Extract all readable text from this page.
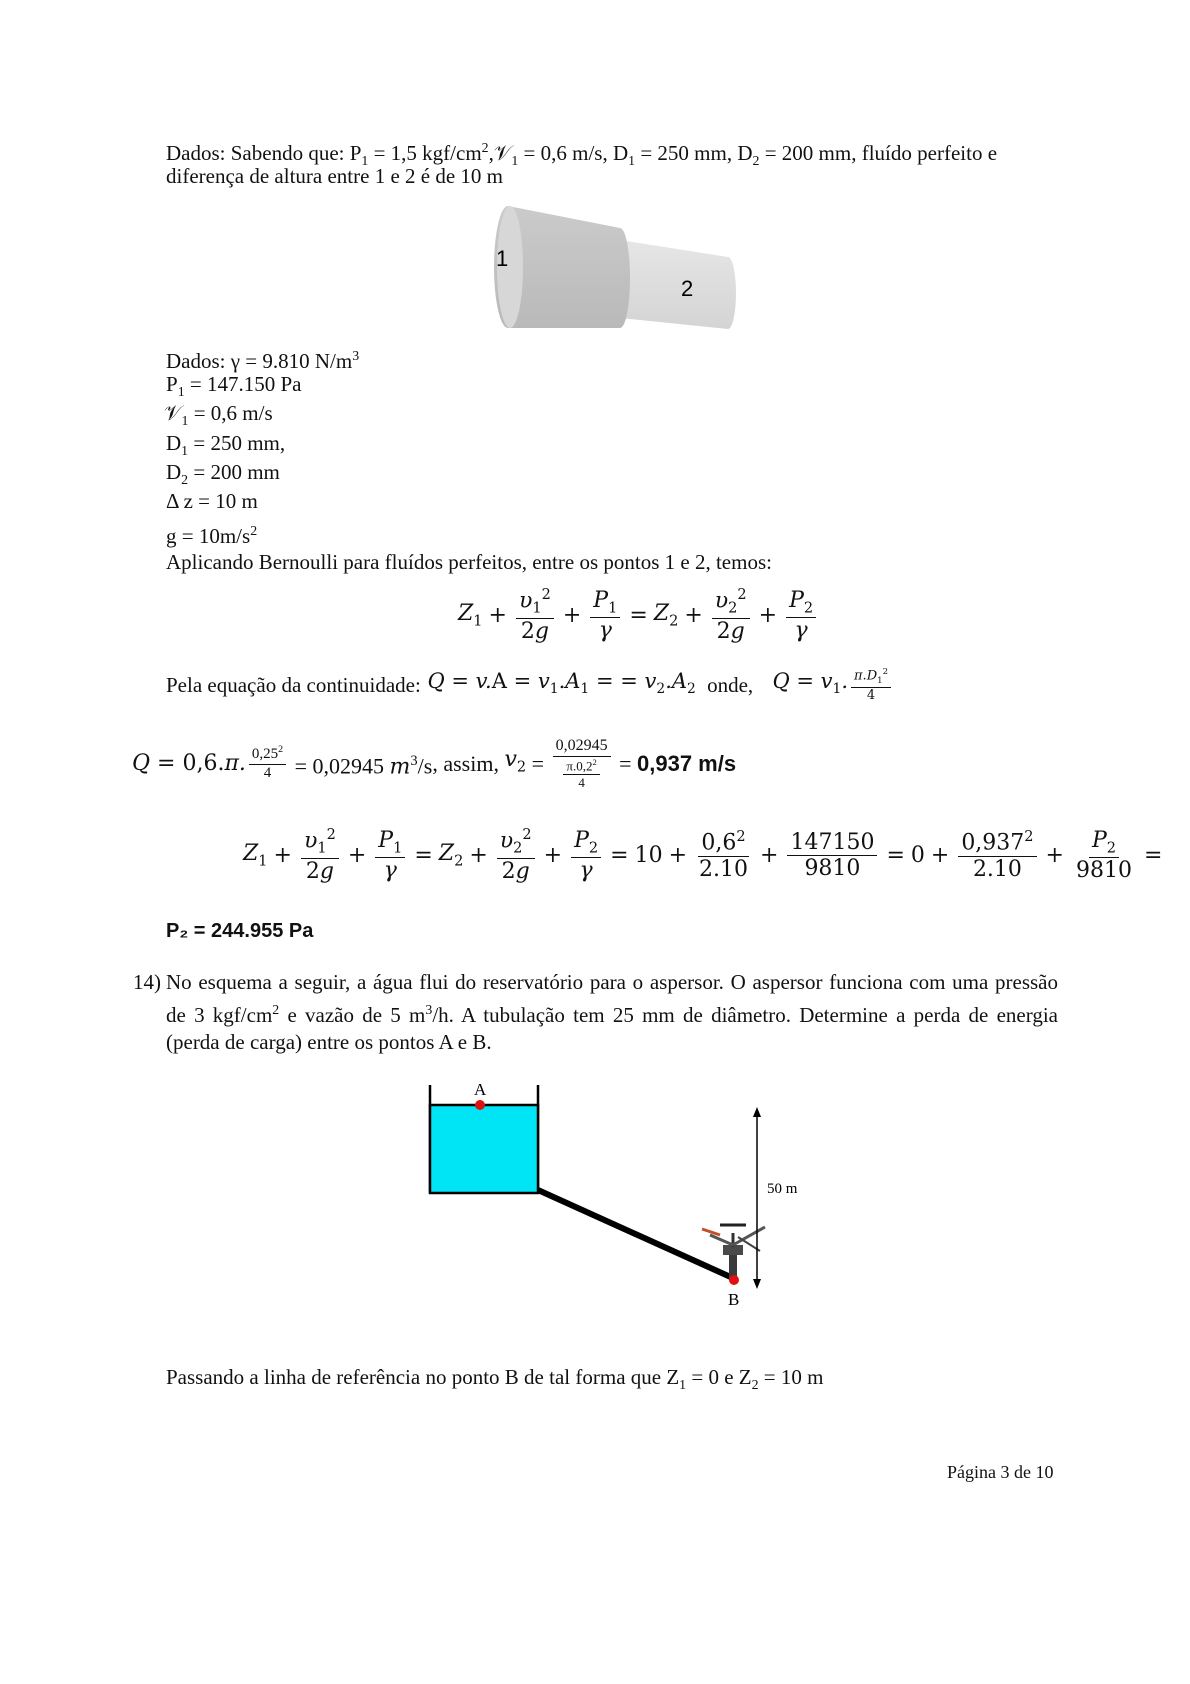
Dados: Sabendo que: $P_1 = 1,5$ kgf/$cm^2,𝒱_1 = 0,6$ m/s, $D_1 = 250$ mm, $D_2 = 200$ mm, fluído perfeito e
diferença de altura entre 1 e 2 é de 10 m
1
2
Dados: γ = 9.810 $N/m^3$
$P_1 = 147.150$ Pa
𝒱$_1$ = 0,6 m/s
$D_1 = 250$ mm,
$D_2 = 200$ mm
Δ z = 10 m
$g = 10m/s^2$
Aplicando Bernoulli para fluídos perfeitos, entre os pontos 1 e 2, temos:
$Z_1 + \frac{\upsilon_1^2}{2g} + \frac{P_1}{\gamma} = Z_2 + \frac{\upsilon_2^2}{2g} + \frac{P_2}{\gamma}$
Pela equação da continuidade: $Q = v.A = v_1.A_1$ = = $v_2.A_2$ onde, $Q = v_1$. $\frac{\pi.D_1^2}{4}$
Q = 0,6.π. $\frac{0,25^2}{4} = 0,02945$ $m^3/s$ , assim, $v_2 = \frac{0,02945}{\frac{\pi.0,2^2}{4}} = 0,937$ m/s
$Z_1 + \frac{\upsilon_1^2}{2g} + \frac{P_1}{\gamma} = Z_2 + \frac{\upsilon_2^2}{2g} + \frac{P_2}{\gamma} = 10 + \frac{0,6^2}{2.10} + \frac{147150}{9810} = 0 + \frac{0,937^2}{2.10} + \frac{P_2}{9810}$ =
P₂ = 244.955 Pa
14) No esquema a seguir, a água flui do reservatório para o aspersor. O aspersor funciona com uma pressão de 3 kgf/$cm^2$ e vazão de 5 $m^3/h$. A tubulação tem 25 mm de diâmetro. Determine a perda de energia (perda de carga) entre os pontos A e B.
A
B
50 m
Passando a linha de referência no ponto B de tal forma que $Z_1 = 0$ e $Z_2 = 10$ m
Página 3 de 10
